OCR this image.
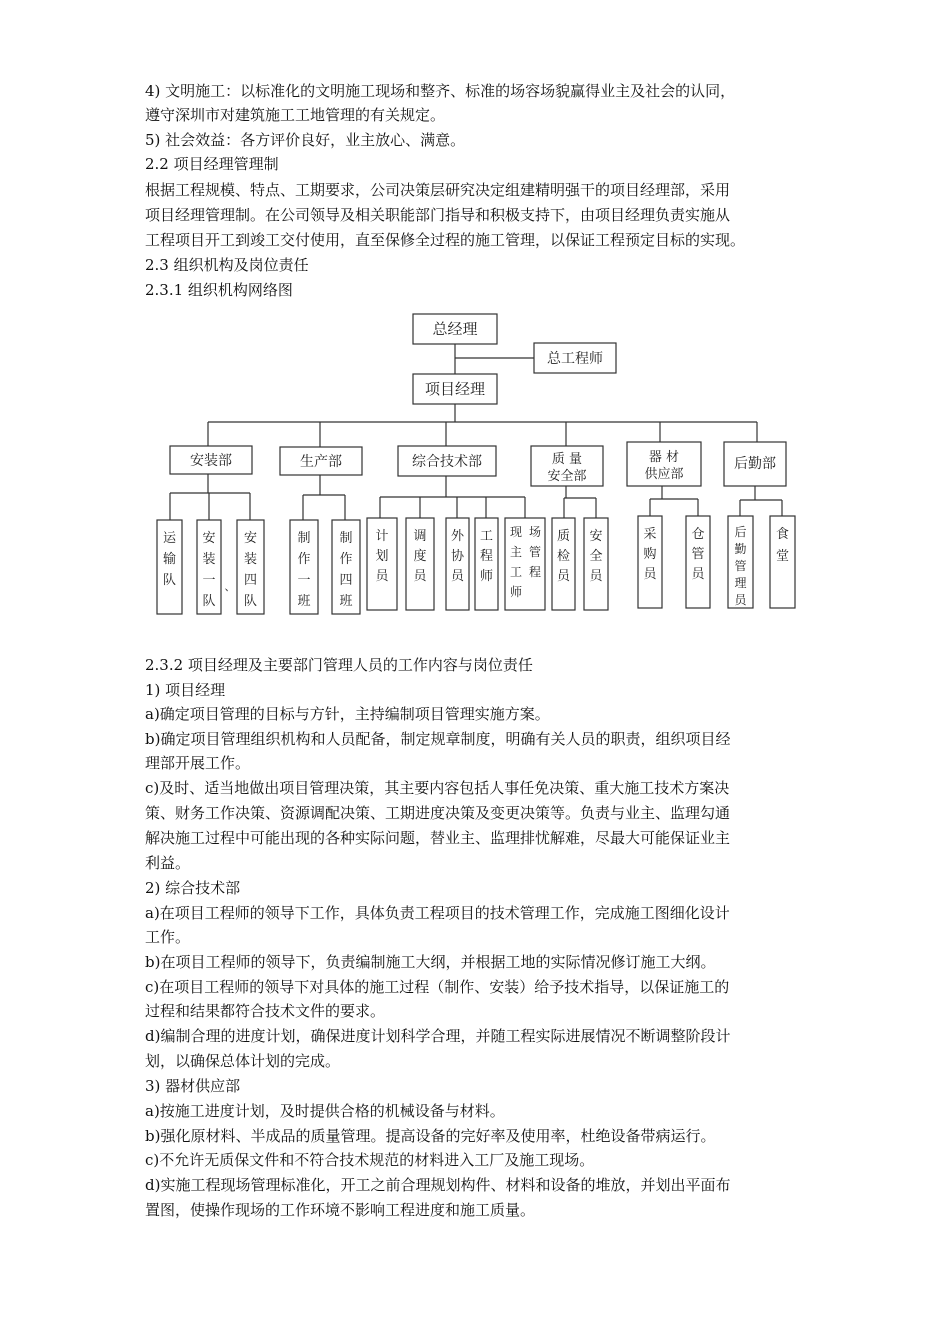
4) 文明施工：以标准化的文明施工现场和整齐、标准的场容场貌赢得业主及社会的认同，
遵守深圳市对建筑施工工地管理的有关规定。
5) 社会效益：各方评价良好，业主放心、满意。
2.2 项目经理管理制
根据工程规模、特点、工期要求，公司决策层研究决定组建精明强干的项目经理部，采用
项目经理管理制。在公司领导及相关职能部门指导和积极支持下，由项目经理负责实施从
工程项目开工到竣工交付使用，直至保修全过程的施工管理，以保证工程预定目标的实现。
2.3 组织机构及岗位责任
2.3.1 组织机构网络图
总经理
总工程师
项目经理
安装部	生产部	综合技术部	质 量
安全部
器 材
供应部
后勤部
运输队
安装一队
、
安装四队
制作一班
制作四班
计划员
调度员
外协员
工程师
现 场主 管工 程师
质检员
安全员
采购员
仓管员
后勤管理员
食堂
2.3.2 项目经理及主要部门管理人员的工作内容与岗位责任
1) 项目经理
a)确定项目管理的目标与方针，主持编制项目管理实施方案。
b)确定项目管理组织机构和人员配备，制定规章制度，明确有关人员的职责，组织项目经
理部开展工作。
c)及时、适当地做出项目管理决策，其主要内容包括人事任免决策、重大施工技术方案决
策、财务工作决策、资源调配决策、工期进度决策及变更决策等。负责与业主、监理勾通
解决施工过程中可能出现的各种实际问题，替业主、监理排忧解难，尽最大可能保证业主
利益。
2) 综合技术部
a)在项目工程师的领导下工作，具体负责工程项目的技术管理工作，完成施工图细化设计
工作。
b)在项目工程师的领导下，负责编制施工大纲，并根据工地的实际情况修订施工大纲。
c)在项目工程师的领导下对具体的施工过程（制作、安装）给予技术指导，以保证施工的
过程和结果都符合技术文件的要求。
d)编制合理的进度计划，确保进度计划科学合理，并随工程实际进展情况不断调整阶段计
划，以确保总体计划的完成。
3) 器材供应部
a)按施工进度计划，及时提供合格的机械设备与材料。
b)强化原材料、半成品的质量管理。提高设备的完好率及使用率，杜绝设备带病运行。
c)不允许无质保文件和不符合技术规范的材料进入工厂及施工现场。
d)实施工程现场管理标准化，开工之前合理规划构件、材料和设备的堆放，并划出平面布
置图，使操作现场的工作环境不影响工程进度和施工质量。
